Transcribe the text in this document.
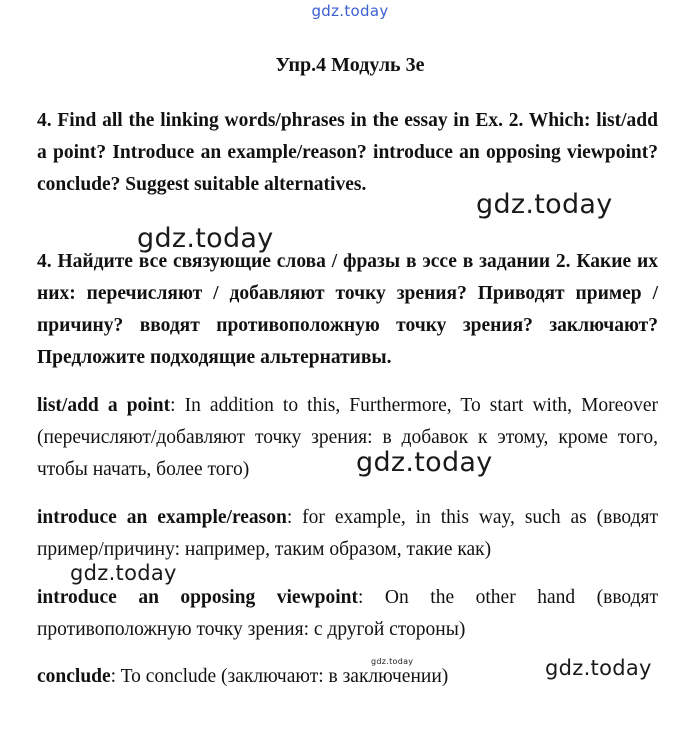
gdz.today
Упр.4 Модуль 3е

4. Find all the linking words/phrases in the essay in Ex. 2. Which: list/add a point? Introduce an example/reason? introduce an opposing viewpoint? conclude? Suggest suitable alternatives.

gdz.today
gdz.today

4. Найдите все связующие слова / фразы в эссе в задании 2. Какие их них: перечисляют / добавляют точку зрения? Приводят пример / причину? вводят противоположную точку зрения? заключают? Предложите подходящие альтернативы.

list/add a point: In addition to this, Furthermore, To start with, Moreover (перечисляют/добавляют точку зрения: в добавок к этому, кроме того, чтобы начать, более того)	gdz.today

introduce an example/reason: for example, in this way, such as (вводят пример/причину: например, таким образом, такие как)

gdz.today

introduce an opposing viewpoint: On the other hand (вводят противоположную точку зрения: с другой стороны)

gdz.today	gdz.today

conclude: To conclude (заключают: в заключении)
